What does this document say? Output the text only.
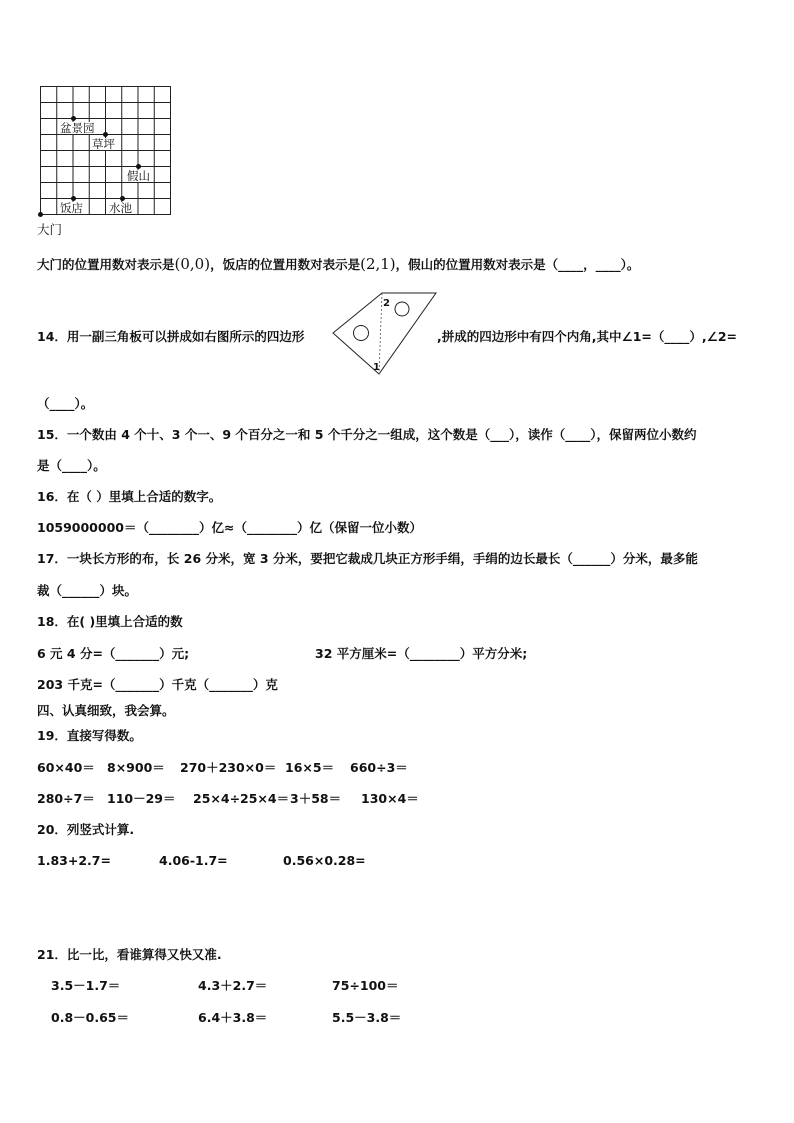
盆景园
草坪
假山
饭店 水池
大门
大门的位置用数对表示是(0,0)，饭店的位置用数对表示是(2,1)，假山的位置用数对表示是（____，____）。
14．用一副三角板可以拼成如右图所示的四边形
2
1
,拼成的四边形中有四个内角,其中∠1=（____）,∠2=
（____）。
15．一个数由 4 个十、3 个一、9 个百分之一和 5 个千分之一组成，这个数是（___），读作（____），保留两位小数约
是（____）。
16．在（ ）里填上合适的数字。
1059000000＝（________）亿≈（________）亿（保留一位小数）
17．一块长方形的布，长 26 分米，宽 3 分米，要把它裁成几块正方形手绢，手绢的边长最长（______）分米，最多能
裁（______）块。
18．在( )里填上合适的数
6 元 4 分=（_______）元;	32 平方厘米=（________）平方分米;
203 千克=（_______）千克（_______）克
四、认真细致，我会算。
19．直接写得数。
60×40＝ 8×900＝ 270＋230×0＝ 16×5＝ 660÷3＝
280÷7＝ 110－29＝ 25×4÷25×4＝ 3＋58＝ 130×4＝
20．列竖式计算.
1.83+2.7=	4.06-1.7=	0.56×0.28=
21．比一比，看谁算得又快又准.
3.5－1.7＝	4.3＋2.7＝	75÷100＝
0.8－0.65＝	6.4＋3.8＝	5.5－3.8＝
